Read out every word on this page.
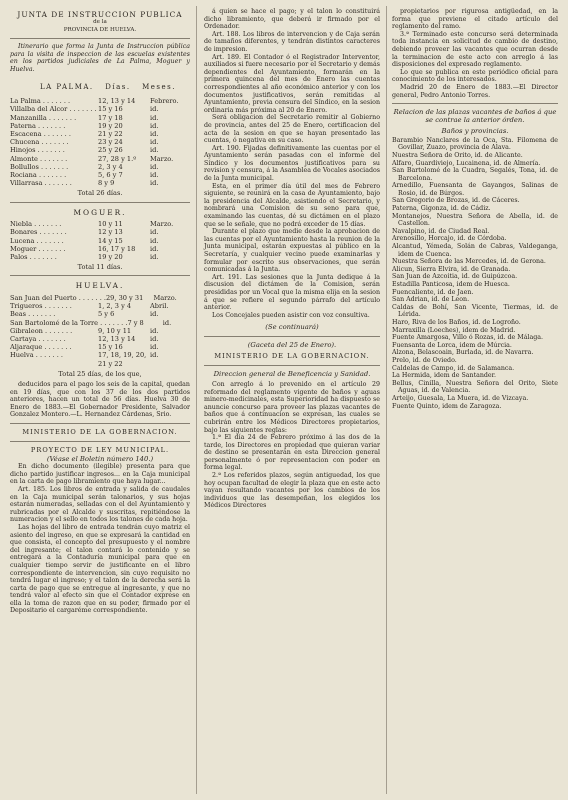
JUNTA DE INSTRUCCION PUBLICA
de la
PROVINCIA DE HUELVA.

Itinerario que forma la Junta de Instruccion pública para la visita de inspeccion de las escuelas existentes en los partidos judiciales de La Palma, Moguer y Huelva.

LA PALMA. Días. Meses.
La Palma . . . . . . .	12, 13 y 14	Febrero.
Villalba del Alcor . . . . . . . 15 y 16	id.
Manzanilla . . . . . . .	17 y 18	id.
Paterna . . . . . . .	19 y 20	id.
Escacena . . . . . . .	21 y 22	id.
Chucena . . . . . . .	23 y 24	id.
Hinojos . . . . . . .	25 y 26	id.
Almonte . . . . . . .	27, 28 y 1.º	Marzo.
Bollullos . . . . . . .	2, 3 y 4	id.
Rociana . . . . . . .	5, 6 y 7	id.
Villarrasa . . . . . . .	8 y 9	id.
Total 26 días.
MOGUER.
Niebla . . . . . . .	10 y 11	Marzo.
Bonares . . . . . . .	12 y 13	id.
Lucena . . . . . . .	14 y 15	id.
Moguer . . . . . . .	16, 17 y 18	id.
Palos . . . . . . .	19 y 20	id.
Total 11 días.
HUELVA.
San Juan del Puerto . . . . . . . 29, 30 y 31	Marzo.
Trigueros . . . . . . .	1, 2, 3 y 4	Abril.
Beas . . . . . . .	5 y 6	id.
San Bartolomé de la Torre . . . . . . . 7 y 8	id.
Gibraleon . . . . . . .	9, 10 y 11	id.
Cartaya . . . . . . .	12, 13 y 14	id.
Aljaraque . . . . . . .	15 y 16	id.
Huelva . . . . . . .	17, 18, 19, 20, 21 y 22
id.
Total 25 días, de los que,

deducidos para el pago los seis de la capital, quedan en 19 días, que con los 37 de los dos partidos anteriores, hacen un total de 56 días. Huelva 30 de Enero de 1883.—El Gobernador Presidente, Salvador Gonzalez Montero.—L. Hernandez Cárdenas, Srio.

MINISTERIO DE LA GOBERNACION.
PROYECTO DE LEY MUNICIPAL.
(Véase el Boletin número 140.)

En dicho documento (ilegible) presenta para que dicho partido justificar ingresos... en la Caja municipal en la carta de pago libramiento que haya lugar...

Art. 185. Los libros de entrada y salida de caudales en la Caja municipal serán talonarios, y sus hojas estarán numeradas, selladas con el del Ayuntamiento y rubricadas por el Alcalde y suscritas, repitiéndose la numeracion y el sello en todos los talones de cada hoja.

Las hojas del libro de entrada tendrán cuyo matriz el asiento del ingreso, en que se expresará la cantidad en que consista, el concepto del presupuesto y el nombre del ingresante; el talon contará lo contenido y se entregará a la Contaduría municipal para que en cualquier tiempo servir de justificante en el libro correspondiente de intervencion, sin cuyo requisito no tendrá lugar el ingreso; y el talon de la derecha será la carta de pago que se entregue al ingresante, y que no tendrá valor al efecto sin que el Contador exprese en ella la toma de razon que en su poder, firmado por el Depositario el cargaréme correspondiente.

á quien se hace el pago; y el talon lo constituirá dicho libramiento, que deberá ir firmado por el Ordenador.

Art. 188. Los libros de intervencion y de Caja serán de tamaños diferentes, y tendrán distintos caracteres de impresion.

Art. 189. El Contador ó el Registrador Interventor, auxiliados si fuere necesario por el Secretario y demás dependientes del Ayuntamiento, formarán en la primera quincena del mes de Enero las cuentas correspondientes al año económico anterior y con los documentos justificativos, serán remitidas al Ayuntamiento, previa censura del Síndico, en la sesion ordinaria más próxima al 20 de Enero.

Será obligacion del Secretario remitir al Gobierno de provincia, antes del 25 de Enero, certificacion del acta de la sesion en que se hayan presentado las cuentas, ó negativa en su caso.

Art. 190. Fijadas definitivamente las cuentas por el Ayuntamiento serán pasadas con el informe del Síndico y los documentos justificativos para su revision y censura, á la Asamblea de Vocales asociados de la Junta municipal.

Esta, en el primer día útil del mes de Febrero siguiente, se reunirá en la casa de Ayuntamiento, bajo la presidencia del Alcalde, asistiendo el Secretario, y nombrará una Comision de su seno para que, examinando las cuentas, dé su dictámen en el plazo que se le señale, que no podrá exceder de 15 días.

Durante el plazo que medie desde la aprobacion de las cuentas por el Ayuntamiento hasta la reunion de la Junta municipal, estarán expuestas al público en la Secretaría, y cualquier vecino puede examinarlas y formular por escrito sus observaciones, que serán comunicadas á la Junta.

Art. 191. Las sesiones que la Junta dedique á la discusion del dictámen de la Comision, serán presididas por un Vocal que la misma elija en la sesion á que se refiere el segundo párrafo del artículo anterior.

Los Concejales pueden asistir con voz consultiva.

(Se continuará)
(Gaceta del 25 de Enero).
MINISTERIO DE LA GOBERNACION.
Direccion general de Beneficencia y Sanidad.

Con arreglo á lo prevenido en el artículo 29 reformado del reglamento vigente de baños y aguas minero-medicinales, esta Superioridad ha dispuesto se anuncie concurso para proveer las plazas vacantes de baños que á continuacion se expresan, las cuales se cubrirán entre los Médicos Directores propietarios, bajo las siguientes reglas:

1.ª El día 24 de Febrero próximo á las dos de la tarde, los Directores en propiedad que quieran variar de destino se presentarán en esta Direccion general personalmente ó por representacion con poder en forma legal.

2.ª Los referidos plazos, según antiguedad, los que hoy ocupan facultad de elegir la plaza que en este acto vayan resultando vacantes por los cambios de los individuos que las desempeñan, los elegidos los Médicos Directores

propietarios por rigurosa antigüedad, en la forma que previene el citado artículo del reglamento del ramo.

3.ª Terminado este concurso será determinada toda instancia en solicitud de cambio de destino, debiendo proveer las vacantes que ocurran desde la terminacion de este acto con arreglo á las disposiciones del expresado reglamento.

Lo que se publica en este periódico oficial para conocimiento de los interesados.

Madrid 20 de Enero de 1883.—El Director general, Pedro Antonio Torres.

Relacion de las plazas vacantes de baños á que se contrae la anterior órden.
Baños y provincias.

Barambio Nanclares de la Oca, Sta. Filomena de Govillar, Zuazo, provincia de Alava.

Nuestra Señora de Orito, id. de Alicante.

Alfaro, Guardiviejo, Lucainena, id. de Almería.

San Bartolomé de la Cuadra, Segalés, Tona, id. de Barcelona.

Arnedillo, Fuensanta de Gayangos, Salinas de Rosio, id. de Búrgos.

San Gregorio de Brozas, id. de Cáceres.

Paterna, Gigonza, id. de Cádiz.

Montanejos, Nuestra Señora de Abella, id. de Castellon.

Navalpino, id. de Ciudad Real.

Arenosillo, Horcajo, id. de Córdoba.

Alcantud, Yémeda, Solán de Cabras, Valdeganga, idem de Cuenca.

Nuestra Señora de las Mercedes, id. de Gerona.

Alicun, Sierra Elvira, id. de Granada.

San Juan de Azcoitia, id. de Guipúzcoa.

Estadilla Panticosa, idem de Huesca.

Fuencaliente, id. de Jaen.

San Adrian, id. de Leon.

Caldas de Bohí, San Vicente, Tiermas, id. de Lérida.

Haro, Riva de los Baños, id. de Logroño.

Marraxilla (Loeches), idem de Madrid.

Fuente Amargosa, Villo ó Rozas, id. de Málaga.

Fuensanta de Lorca, idem de Múrcia.

Alzona, Belascoain, Burlada, id. de Navarra.

Prelo, id. de Oviedo.

Caldelas de Campo, id. de Salamanca.

La Hermida, idem de Santander.

Bellus, Cinilla, Nuestra Señora del Orito, Siete Aguas, id. de Valencia.

Arteijo, Guesala, La Muera, id. de Vizcaya.

Fuente Quinto, idem de Zaragoza.
